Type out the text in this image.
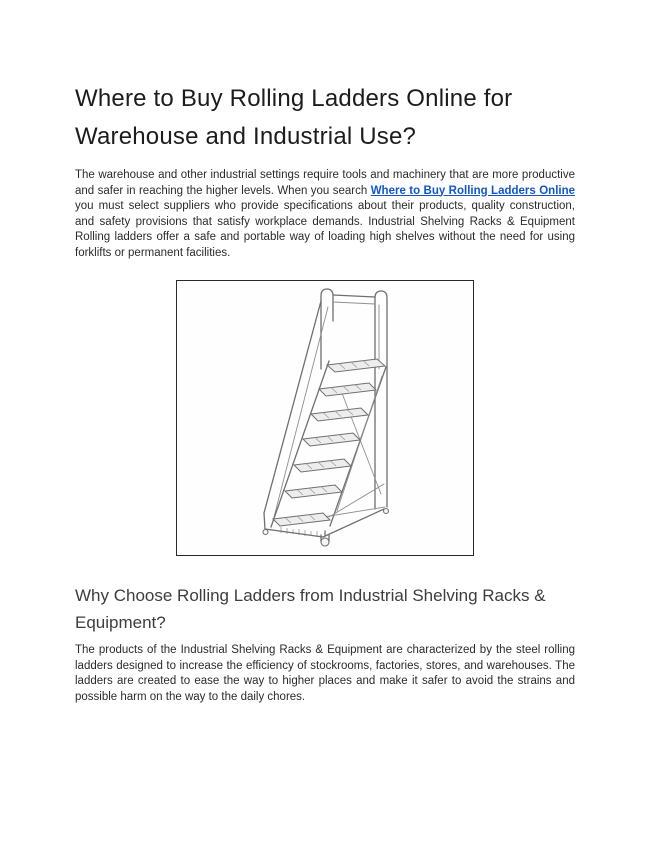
Where to Buy Rolling Ladders Online for Warehouse and Industrial Use?

The warehouse and other industrial settings require tools and machinery that are more productive and safer in reaching the higher levels. When you search Where to Buy Rolling Ladders Online you must select suppliers who provide specifications about their products, quality construction, and safety provisions that satisfy workplace demands. Industrial Shelving Racks & Equipment Rolling ladders offer a safe and portable way of loading high shelves without the need for using forklifts or permanent facilities.

Why Choose Rolling Ladders from Industrial Shelving Racks & Equipment?

The products of the Industrial Shelving Racks & Equipment are characterized by the steel rolling ladders designed to increase the efficiency of stockrooms, factories, stores, and warehouses. The ladders are created to ease the way to higher places and make it safer to avoid the strains and possible harm on the way to the daily chores.
